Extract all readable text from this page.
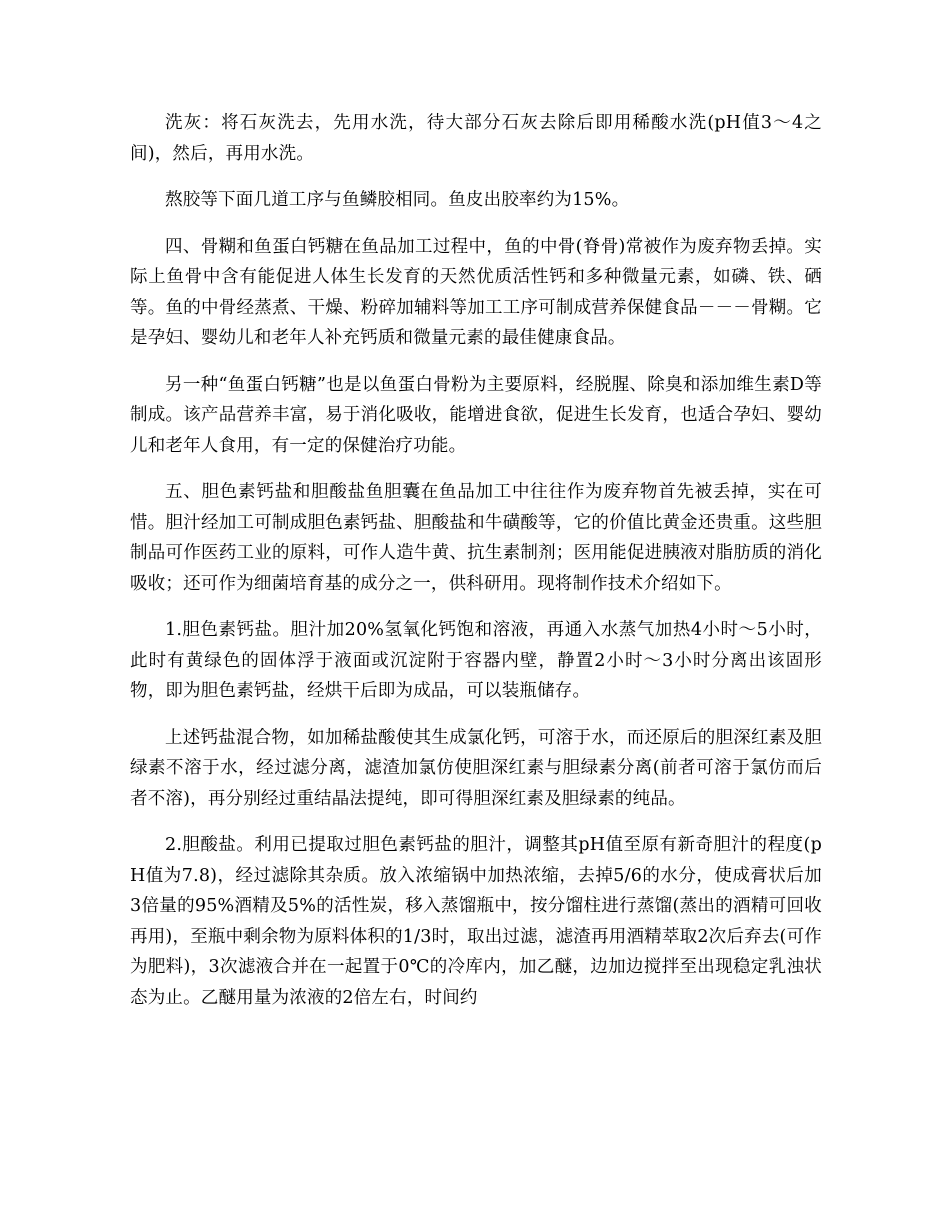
洗灰：将石灰洗去，先用水洗，待大部分石灰去除后即用稀酸水洗(pH值3～4之间)，然后，再用水洗。

熬胶等下面几道工序与鱼鳞胶相同。鱼皮出胶率约为15%。

四、骨糊和鱼蛋白钙糖在鱼品加工过程中，鱼的中骨(脊骨)常被作为废弃物丢掉。实际上鱼骨中含有能促进人体生长发育的天然优质活性钙和多种微量元素，如磷、铁、硒等。鱼的中骨经蒸煮、干燥、粉碎加辅料等加工工序可制成营养保健食品－－－骨糊。它是孕妇、婴幼儿和老年人补充钙质和微量元素的最佳健康食品。

另一种“鱼蛋白钙糖”也是以鱼蛋白骨粉为主要原料，经脱腥、除臭和添加维生素D等制成。该产品营养丰富，易于消化吸收，能增进食欲，促进生长发育，也适合孕妇、婴幼儿和老年人食用，有一定的保健治疗功能。

五、胆色素钙盐和胆酸盐鱼胆囊在鱼品加工中往往作为废弃物首先被丢掉，实在可惜。胆汁经加工可制成胆色素钙盐、胆酸盐和牛磺酸等，它的价值比黄金还贵重。这些胆制品可作医药工业的原料，可作人造牛黄、抗生素制剂；医用能促进胰液对脂肪质的消化吸收；还可作为细菌培育基的成分之一，供科研用。现将制作技术介绍如下。

1.胆色素钙盐。胆汁加20%氢氧化钙饱和溶液，再通入水蒸气加热4小时～5小时，此时有黄绿色的固体浮于液面或沉淀附于容器内壁，静置2小时～3小时分离出该固形物，即为胆色素钙盐，经烘干后即为成品，可以装瓶储存。

上述钙盐混合物，如加稀盐酸使其生成氯化钙，可溶于水，而还原后的胆深红素及胆绿素不溶于水，经过滤分离，滤渣加氯仿使胆深红素与胆绿素分离(前者可溶于氯仿而后者不溶)，再分别经过重结晶法提纯，即可得胆深红素及胆绿素的纯品。

2.胆酸盐。利用已提取过胆色素钙盐的胆汁，调整其pH值至原有新奇胆汁的程度(pH值为7.8)，经过滤除其杂质。放入浓缩锅中加热浓缩，去掉5/6的水分，使成膏状后加3倍量的95%酒精及5%的活性炭，移入蒸馏瓶中，按分馏柱进行蒸馏(蒸出的酒精可回收再用)，至瓶中剩余物为原料体积的1/3时，取出过滤，滤渣再用酒精萃取2次后弃去(可作为肥料)，3次滤液合并在一起置于0℃的冷库内，加乙醚，边加边搅拌至出现稳定乳浊状态为止。乙醚用量为浓液的2倍左右，时间约
